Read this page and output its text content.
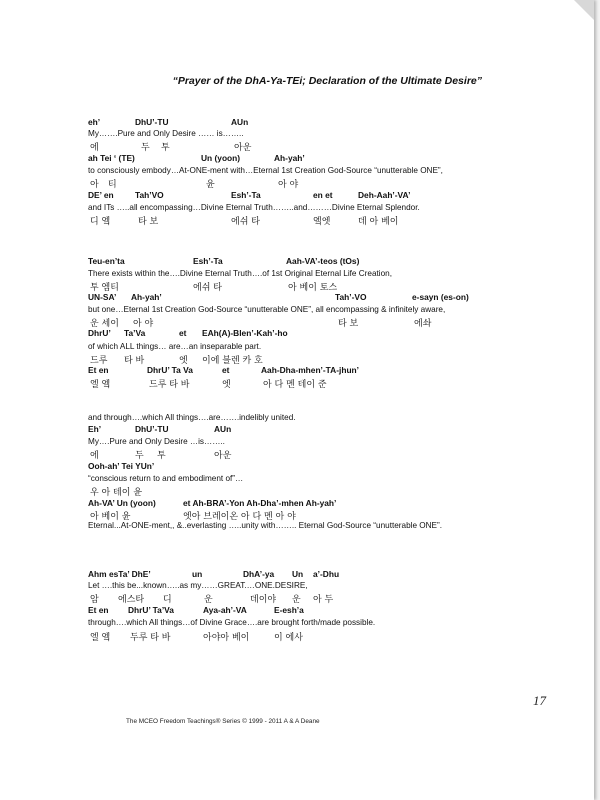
“Prayer of the DhA-Ya-TEi; Declaration of the Ultimate Desire”
eh’	DhU’-TU	AUn
My…….Pure and Only Desire …… is……..
에	두 투	아운
ah Tei ‘ (TE)	Un (yoon)	Ah-yah’
to consciously embody…At-ONE-ment with…Eternal 1st Creation God-Source “unutterable ONE”,
아 티	윤	아 야
DE’ en	Tah’VO	Esh’-Ta	en et	Deh-Aah’-VA’
and ITs …..all encompassing…Divine Eternal Truth……..and………Divine Eternal Splendor.
디 엨	타 보	에쉬 타	엨엣	데 아 베이
Teu-en’ta	Esh’-Ta	Aah-VA’-teos (tOs)
There exists within the….Divine Eternal Truth….of 1st Original Eternal Life Creation,
투 엠티	에쉬 타	아 베이 토스
UN-SA’ Ah-yah’	Tah’-VO	e-sayn (es-on)
but one…Eternal 1st Creation God-Source “unutterable ONE”, all encompassing & infinitely aware,
운 세이 아 야	타 보	에솨
DhrU’ Ta’Va	et EAh(A)-Blen’-Kah’-ho
of which ALL things… are…an inseparable part.
드루 타 바	엣 이에 블렌 카 호
Et en	DhrU’ Ta Va	et	Aah-Dha-mhen’-TA-jhun’
엘 엨	드루 타 바	엣	아 다 멘 테이 준
and through….which All things….are…….indelibly united.
Eh’	DhU’-TU	AUn
My….Pure and Only Desire …is……..
에	두 투	아운
Ooh-ah’ Tei YUn’
“conscious return to and embodiment of”…
우 아 테이 윤
Ah-VA’ Un (yoon)	et Ah-BRA’-Yon Ah-Dha’-mhen Ah-yah’
아 베이 윤	엣아 브레이온 아 다 멘 아 야
Eternal...At-ONE-ment,, &..everlasting …..unity with…….. Eternal God-Source “unutterable ONE”.
Ahm esTa’ DhE’	un	DhA’-ya Un a’-Dhu
Let ….this be...known…..as my……GREAT.…ONE.DESIRE,
암 에스타 디	운	데이야 운 아 두
Et en DhrU’ Ta’Va	Aya-ah’-VA	E-esh’a
through….which All things…of Divine Grace….are brought forth/made possible.
엘 엨 두루 타 바	아야아 베이	이 에사
17
The MCEO Freedom Teachings® Series © 1999 - 2011 A & A Deane
